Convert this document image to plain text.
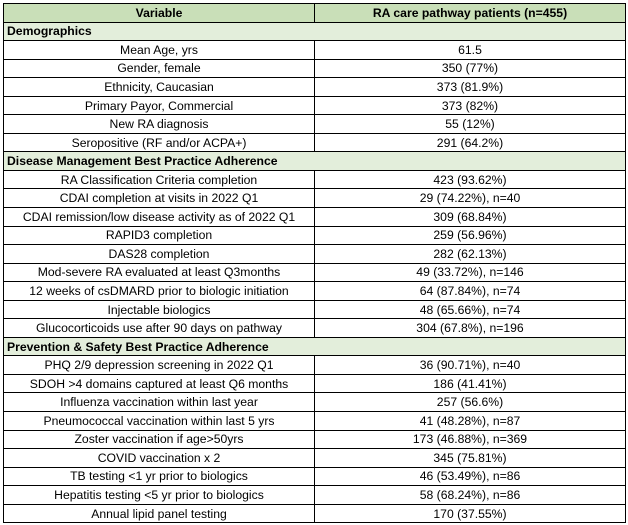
Variable	RA care pathway patients (n=455)
Demographics	
Mean Age, yrs	61.5
Gender, female	350 (77%)
Ethnicity, Caucasian	373 (81.9%)
Primary Payor, Commercial	373 (82%)
New RA diagnosis	55 (12%)
Seropositive (RF and/or ACPA+)	291 (64.2%)
Disease Management Best Practice Adherence	
RA Classification Criteria completion	423 (93.62%)
CDAI completion at visits in 2022 Q1	29 (74.22%), n=40
CDAI remission/low disease activity as of 2022 Q1	309 (68.84%)
RAPID3 completion	259 (56.96%)
DAS28 completion	282 (62.13%)
Mod-severe RA evaluated at least Q3months	49 (33.72%), n=146
12 weeks of csDMARD prior to biologic initiation	64 (87.84%), n=74
Injectable biologics	48 (65.66%), n=74
Glucocorticoids use after 90 days on pathway	304 (67.8%), n=196
Prevention & Safety Best Practice Adherence	
PHQ 2/9 depression screening in 2022 Q1	36 (90.71%), n=40
SDOH >4 domains captured at least Q6 months	186 (41.41%)
Influenza vaccination within last year	257 (56.6%)
Pneumococcal vaccination within last 5 yrs	41 (48.28%), n=87
Zoster vaccination if age>50yrs	173 (46.88%), n=369
COVID vaccination x 2	345 (75.81%)
TB testing <1 yr prior to biologics	46 (53.49%), n=86
Hepatitis testing <5 yr prior to biologics	58 (68.24%), n=86
Annual lipid panel testing	170 (37.55%)
